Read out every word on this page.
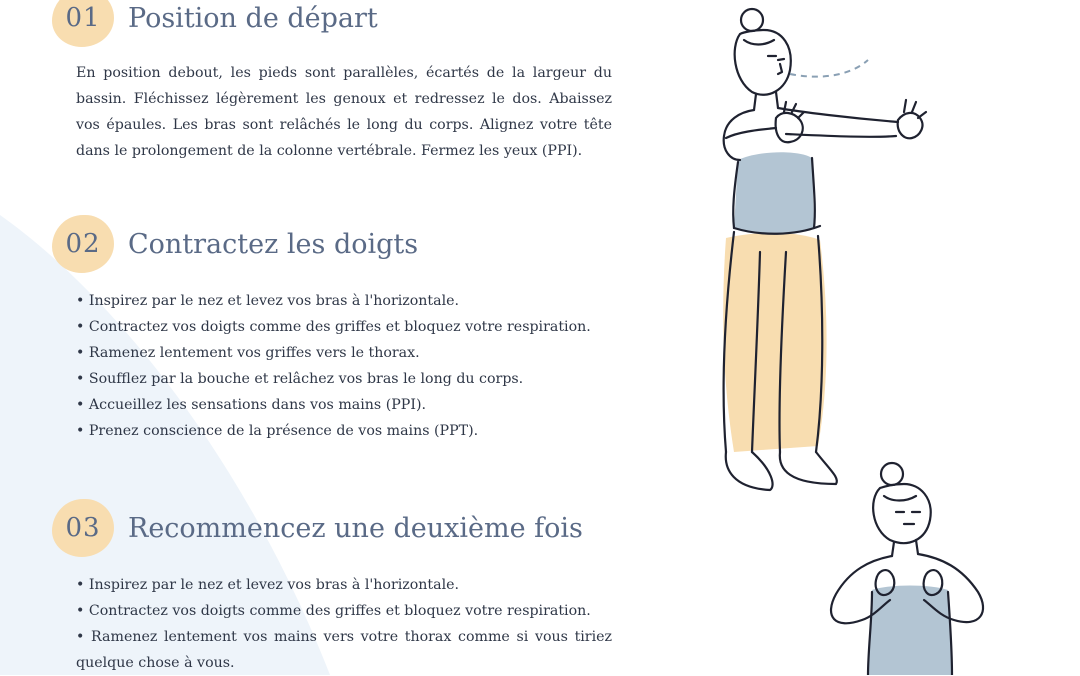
01	Position de départ

En position debout, les pieds sont parallèles, écartés de la largeur du bassin. Fléchissez légèrement les genoux et redressez le dos. Abaissez vos épaules. Les bras sont relâchés le long du corps. Alignez votre tête dans le prolongement de la colonne vertébrale. Fermez les yeux (PPI).

02	Contractez les doigts
• Inspirez par le nez et levez vos bras à l'horizontale.
• Contractez vos doigts comme des griffes et bloquez votre respiration.
• Ramenez lentement vos griffes vers le thorax.
• Soufflez par la bouche et relâchez vos bras le long du corps.
• Accueillez les sensations dans vos mains (PPI).
• Prenez conscience de la présence de vos mains (PPT).
03	Recommencez une deuxième fois
• Inspirez par le nez et levez vos bras à l'horizontale.
• Contractez vos doigts comme des griffes et bloquez votre respiration.
• Ramenez lentement vos mains vers votre thorax comme si vous tiriez quelque chose à vous.
